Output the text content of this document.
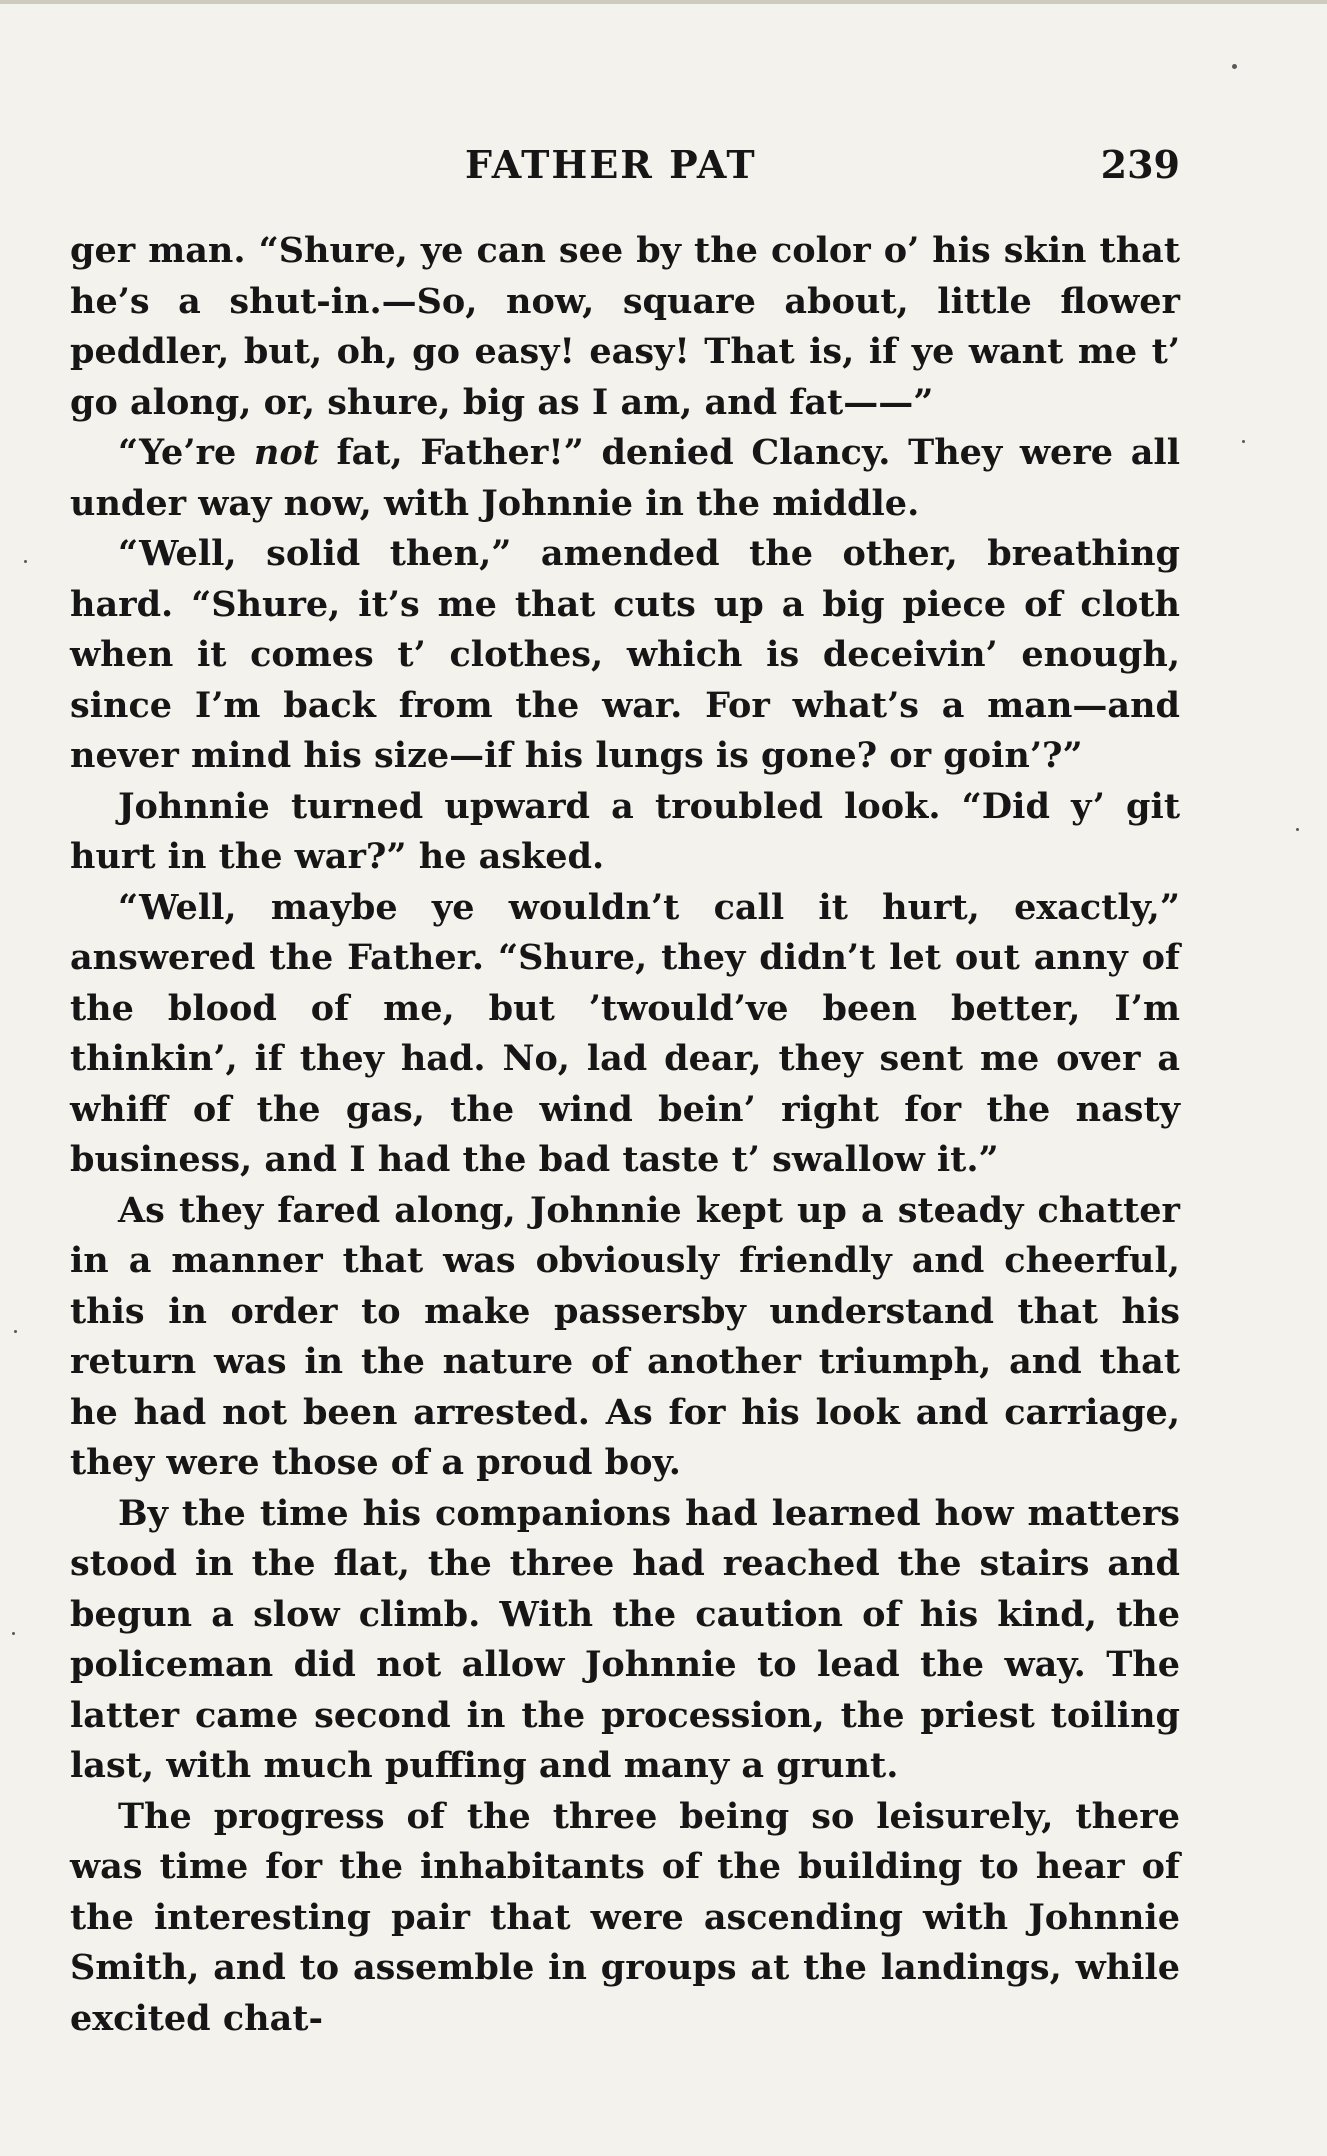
FATHER PAT	239

ger man. “Shure, ye can see by the color o’ his skin that he’s a shut-in.—So, now, square about, little flower peddler, but, oh, go easy! easy! That is, if ye want me t’ go along, or, shure, big as I am, and fat——”

“Ye’re not fat, Father!” denied Clancy. They were all under way now, with Johnnie in the middle.

“Well, solid then,” amended the other, breathing hard. “Shure, it’s me that cuts up a big piece of cloth when it comes t’ clothes, which is deceivin’ enough, since I’m back from the war. For what’s a man—and never mind his size—if his lungs is gone? or goin’?”

Johnnie turned upward a troubled look. “Did y’ git hurt in the war?” he asked.

“Well, maybe ye wouldn’t call it hurt, exactly,” answered the Father. “Shure, they didn’t let out anny of the blood of me, but ’twould’ve been better, I’m thinkin’, if they had. No, lad dear, they sent me over a whiff of the gas, the wind bein’ right for the nasty business, and I had the bad taste t’ swallow it.”

As they fared along, Johnnie kept up a steady chatter in a manner that was obviously friendly and cheerful, this in order to make passersby understand that his return was in the nature of another triumph, and that he had not been arrested. As for his look and carriage, they were those of a proud boy.

By the time his companions had learned how matters stood in the flat, the three had reached the stairs and begun a slow climb. With the caution of his kind, the policeman did not allow Johnnie to lead the way. The latter came second in the procession, the priest toiling last, with much puffing and many a grunt.

The progress of the three being so leisurely, there was time for the inhabitants of the building to hear of the interesting pair that were ascending with Johnnie Smith, and to assemble in groups at the landings, while excited chat-
